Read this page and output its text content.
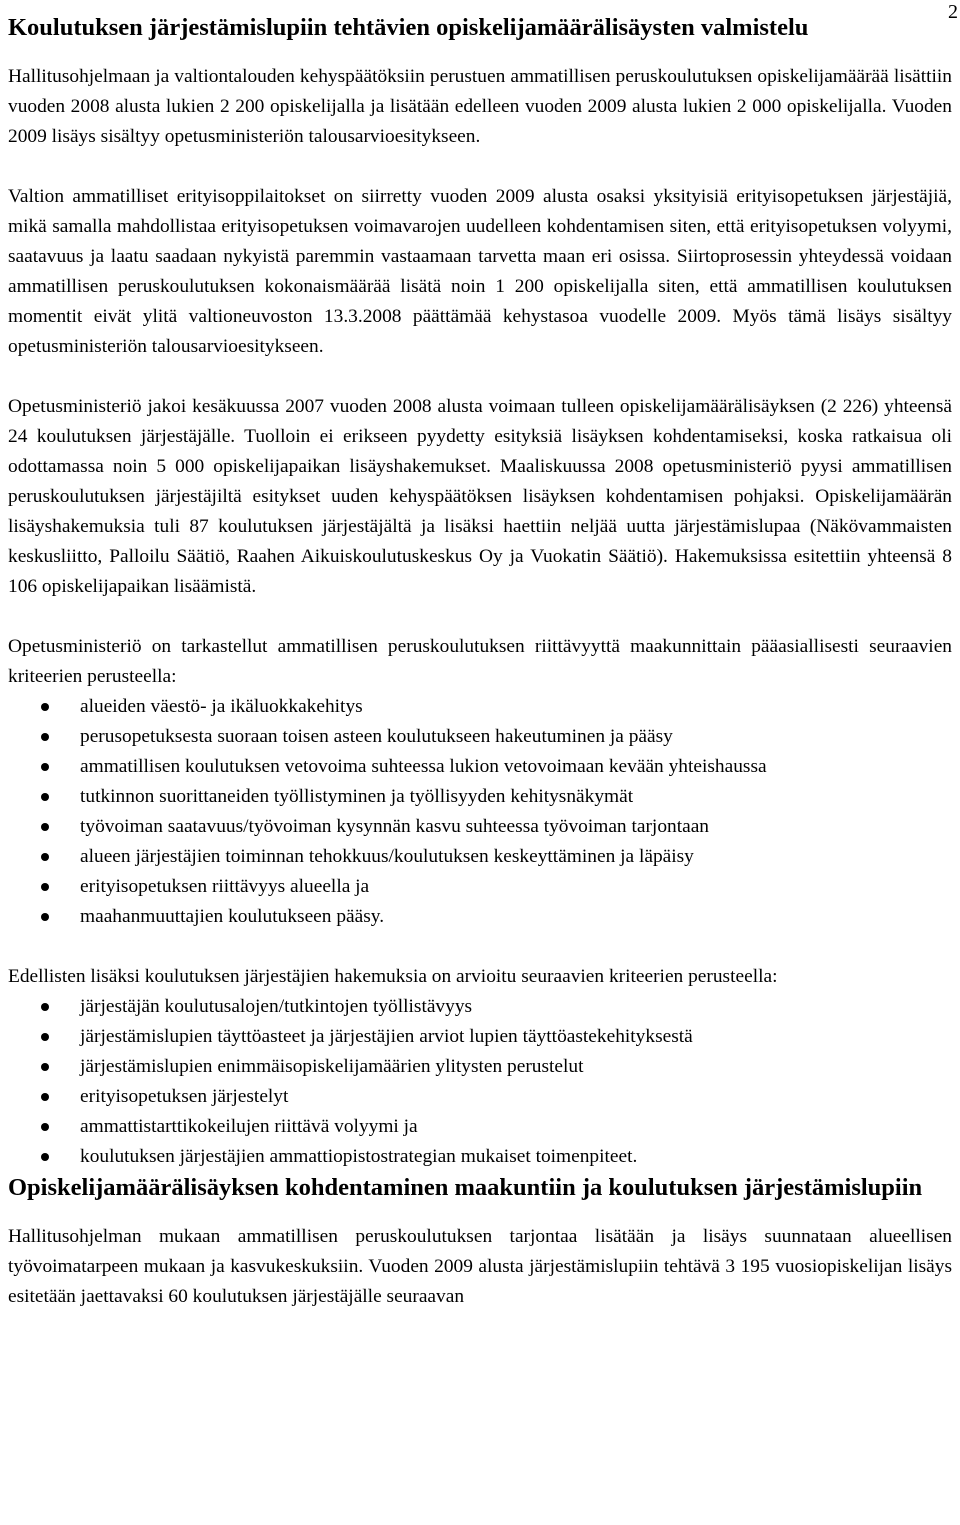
2
Koulutuksen järjestämislupiin tehtävien opiskelijamäärälisäysten valmistelu

Hallitusohjelmaan ja valtiontalouden kehyspäätöksiin perustuen ammatillisen peruskoulutuksen opiskelijamäärää lisättiin vuoden 2008 alusta lukien 2 200 opiskelijalla ja lisätään edelleen vuoden 2009 alusta lukien 2 000 opiskelijalla. Vuoden 2009 lisäys sisältyy opetusministeriön talousarvioesitykseen.

Valtion ammatilliset erityisoppilaitokset on siirretty vuoden 2009 alusta osaksi yksityisiä erityisopetuksen järjestäjiä, mikä samalla mahdollistaa erityisopetuksen voimavarojen uudelleen kohdentamisen siten, että erityisopetuksen volyymi, saatavuus ja laatu saadaan nykyistä paremmin vastaamaan tarvetta maan eri osissa. Siirtoprosessin yhteydessä voidaan ammatillisen peruskoulutuksen kokonaismäärää lisätä noin 1 200 opiskelijalla siten, että ammatillisen koulutuksen momentit eivät ylitä valtioneuvoston 13.3.2008 päättämää kehystasoa vuodelle 2009. Myös tämä lisäys sisältyy opetusministeriön talousarvioesitykseen.

Opetusministeriö jakoi kesäkuussa 2007 vuoden 2008 alusta voimaan tulleen opiskelijamäärälisäyksen (2 226) yhteensä 24 koulutuksen järjestäjälle. Tuolloin ei erikseen pyydetty esityksiä lisäyksen kohdentamiseksi, koska ratkaisua oli odottamassa noin 5 000 opiskelijapaikan lisäyshakemukset. Maaliskuussa 2008 opetusministeriö pyysi ammatillisen peruskoulutuksen järjestäjiltä esitykset uuden kehyspäätöksen lisäyksen kohdentamisen pohjaksi. Opiskelijamäärän lisäyshakemuksia tuli 87 koulutuksen järjestäjältä ja lisäksi haettiin neljää uutta järjestämislupaa (Näkövammaisten keskusliitto, Palloilu Säätiö, Raahen Aikuiskoulutuskeskus Oy ja Vuokatin Säätiö). Hakemuksissa esitettiin yhteensä 8 106 opiskelijapaikan lisäämistä.

Opetusministeriö on tarkastellut ammatillisen peruskoulutuksen riittävyyttä maakunnittain pääasiallisesti seuraavien kriteerien perusteella:

alueiden väestö- ja ikäluokkakehitys
perusopetuksesta suoraan toisen asteen koulutukseen hakeutuminen ja pääsy
ammatillisen koulutuksen vetovoima suhteessa lukion vetovoimaan kevään yhteishaussa
tutkinnon suorittaneiden työllistyminen ja työllisyyden kehitysnäkymät
työvoiman saatavuus/työvoiman kysynnän kasvu suhteessa työvoiman tarjontaan
alueen järjestäjien toiminnan tehokkuus/koulutuksen keskeyttäminen ja läpäisy
erityisopetuksen riittävyys alueella ja
maahanmuuttajien koulutukseen pääsy.

Edellisten lisäksi koulutuksen järjestäjien hakemuksia on arvioitu seuraavien kriteerien perusteella:

järjestäjän koulutusalojen/tutkintojen työllistävyys
järjestämislupien täyttöasteet ja järjestäjien arviot lupien täyttöastekehityksestä
järjestämislupien enimmäisopiskelijamäärien ylitysten perustelut
erityisopetuksen järjestelyt
ammattistarttikokeilujen riittävä volyymi ja
koulutuksen järjestäjien ammattiopistostrategian mukaiset toimenpiteet.
Opiskelijamäärälisäyksen kohdentaminen maakuntiin ja koulutuksen järjestämislupiin

Hallitusohjelman mukaan ammatillisen peruskoulutuksen tarjontaa lisätään ja lisäys suunnataan alueellisen työvoimatarpeen mukaan ja kasvukeskuksiin. Vuoden 2009 alusta järjestämislupiin tehtävä 3 195 vuosiopiskelijan lisäys esitetään jaettavaksi 60 koulutuksen järjestäjälle seuraavan
